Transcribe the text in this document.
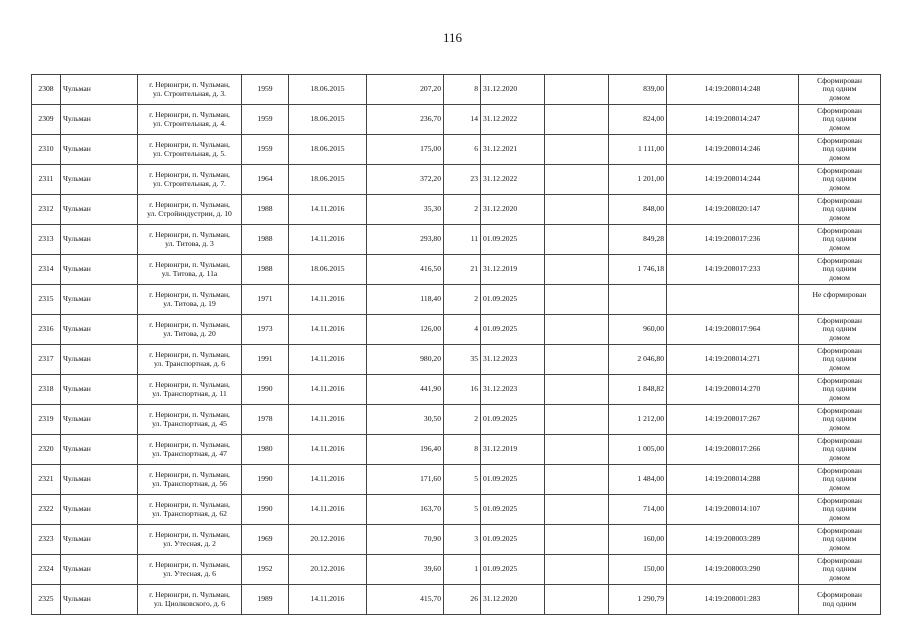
116
2308	Чульман	г. Нерюнгри, п. Чульман,
ул. Строительная, д. 3.	1959	18.06.2015	207,20	8	31.12.2020		839,00	14:19:208014:248	Сформирован
под одним
домом
2309	Чульман	г. Нерюнгри, п. Чульман,
ул. Строительная, д. 4.	1959	18.06.2015	236,70	14	31.12.2022		824,00	14:19:208014:247	Сформирован
под одним
домом
2310	Чульман	г. Нерюнгри, п. Чульман,
ул. Строительная, д. 5.	1959	18.06.2015	175,00	6	31.12.2021		1 111,00	14:19:208014:246	Сформирован
под одним
домом
2311	Чульман	г. Нерюнгри, п. Чульман,
ул. Строительная, д. 7.	1964	18.06.2015	372,20	23	31.12.2022		1 201,00	14:19:208014:244	Сформирован
под одним
домом
2312	Чульман	г. Нерюнгри, п. Чульман,
ул. Стройиндустрии, д. 10	1988	14.11.2016	35,30	2	31.12.2020		848,00	14:19:208020:147	Сформирован
под одним
домом
2313	Чульман	г. Нерюнгри, п. Чульман,
ул. Титова, д. 3	1988	14.11.2016	293,80	11	01.09.2025		849,28	14:19:208017:236	Сформирован
под одним
домом
2314	Чульман	г. Нерюнгри, п. Чульман,
ул. Титова, д. 11а	1988	18.06.2015	416,50	21	31.12.2019		1 746,18	14:19:208017:233	Сформирован
под одним
домом
2315	Чульман	г. Нерюнгри, п. Чульман,
ул. Титова, д. 19	1971	14.11.2016	118,40	2	01.09.2025				Не сформирован

2316	Чульман	г. Нерюнгри, п. Чульман,
ул. Титова, д. 20	1973	14.11.2016	126,00	4	01.09.2025		960,00	14:19:208017:964	Сформирован
под одним
домом
2317	Чульман	г. Нерюнгри, п. Чульман,
ул. Транспортная, д. 6	1991	14.11.2016	980,20	35	31.12.2023		2 046,80	14:19:208014:271	Сформирован
под одним
домом
2318	Чульман	г. Нерюнгри, п. Чульман,
ул. Транспортная, д. 11	1990	14.11.2016	441,90	16	31.12.2023		1 848,82	14:19:208014:270	Сформирован
под одним
домом
2319	Чульман	г. Нерюнгри, п. Чульман,
ул. Транспортная, д. 45	1978	14.11.2016	30,50	2	01.09.2025		1 212,00	14:19:208017:267	Сформирован
под одним
домом
2320	Чульман	г. Нерюнгри, п. Чульман,
ул. Транспортная, д. 47	1980	14.11.2016	196,40	8	31.12.2019		1 005,00	14:19:208017:266	Сформирован
под одним
домом
2321	Чульман	г. Нерюнгри, п. Чульман,
ул. Транспортная, д. 56	1990	14.11.2016	171,60	5	01.09.2025		1 484,00	14:19:208014:288	Сформирован
под одним
домом
2322	Чульман	г. Нерюнгри, п. Чульман,
ул. Транспортная, д. 62	1990	14.11.2016	163,70	5	01.09.2025		714,00	14:19:208014:107	Сформирован
под одним
домом
2323	Чульман	г. Нерюнгри, п. Чульман,
ул. Утесная, д. 2	1969	20.12.2016	70,90	3	01.09.2025		160,00	14:19:208003:289	Сформирован
под одним
домом
2324	Чульман	г. Нерюнгри, п. Чульман,
ул. Утесная, д. 6	1952	20.12.2016	39,60	1	01.09.2025		150,00	14:19:208003:290	Сформирован
под одним
домом
2325	Чульман	г. Нерюнгри, п. Чульман,
ул. Циолковского, д. 6	1989	14.11.2016	415,70	26	31.12.2020		1 290,79	14:19:208001:283	Сформирован
под одним
